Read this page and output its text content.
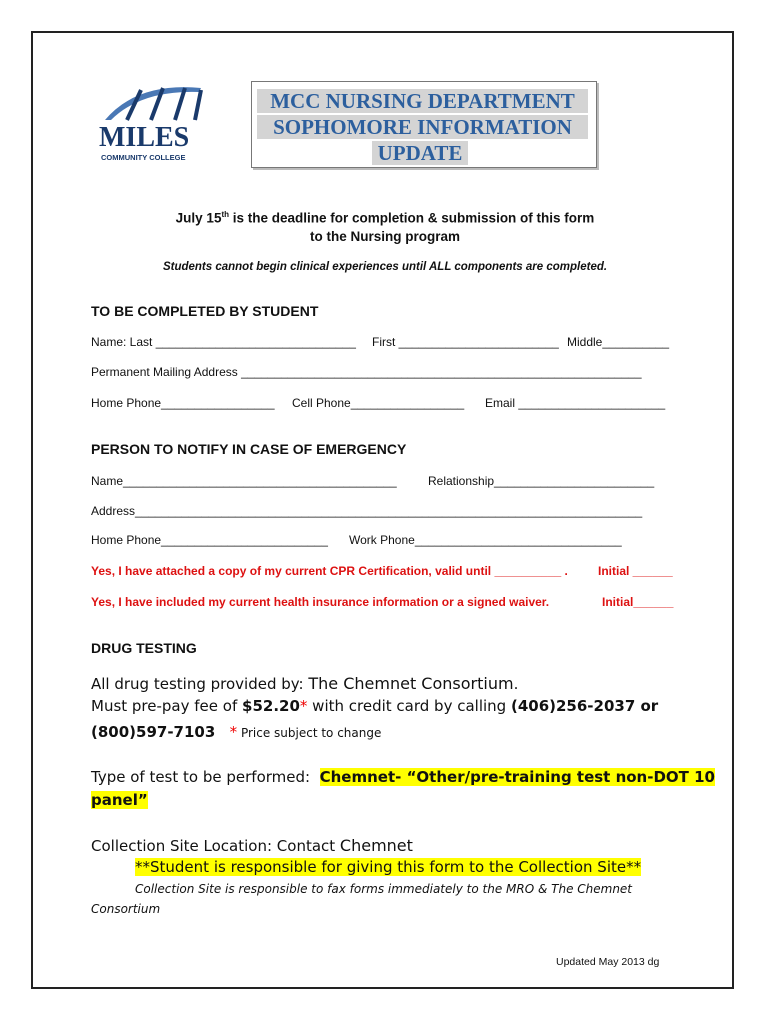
MILES
COMMUNITY COLLEGE
MCC NURSING DEPARTMENT
SOPHOMORE INFORMATION
UPDATE
July 15th is the deadline for completion & submission of this form
to the Nursing program
Students cannot begin clinical experiences until ALL components are completed.
TO BE COMPLETED BY STUDENT
Name: Last ______________________________ First ________________________ Middle__________
Permanent Mailing Address ____________________________________________________________
Home Phone_________________ Cell Phone_________________ Email ______________________
PERSON TO NOTIFY IN CASE OF EMERGENCY
Name_________________________________________	Relationship________________________
Address____________________________________________________________________________
Home Phone_________________________ Work Phone_______________________________
Yes, I have attached a copy of my current CPR Certification, valid until __________ .	Initial ______
Yes, I have included my current health insurance information or a signed waiver.	Initial______
DRUG TESTING
All drug testing provided by: The Chemnet Consortium.
Must pre-pay fee of $52.20* with credit card by calling (406)256-2037 or
(800)597-7103 * Price subject to change
Type of test to be performed:  Chemnet- “Other/pre-training test non-DOT 10
panel”
Collection Site Location: Contact Chemnet
**Student is responsible for giving this form to the Collection Site**
Collection Site is responsible to fax forms immediately to the MRO & The Chemnet
Consortium
Updated May 2013 dg
